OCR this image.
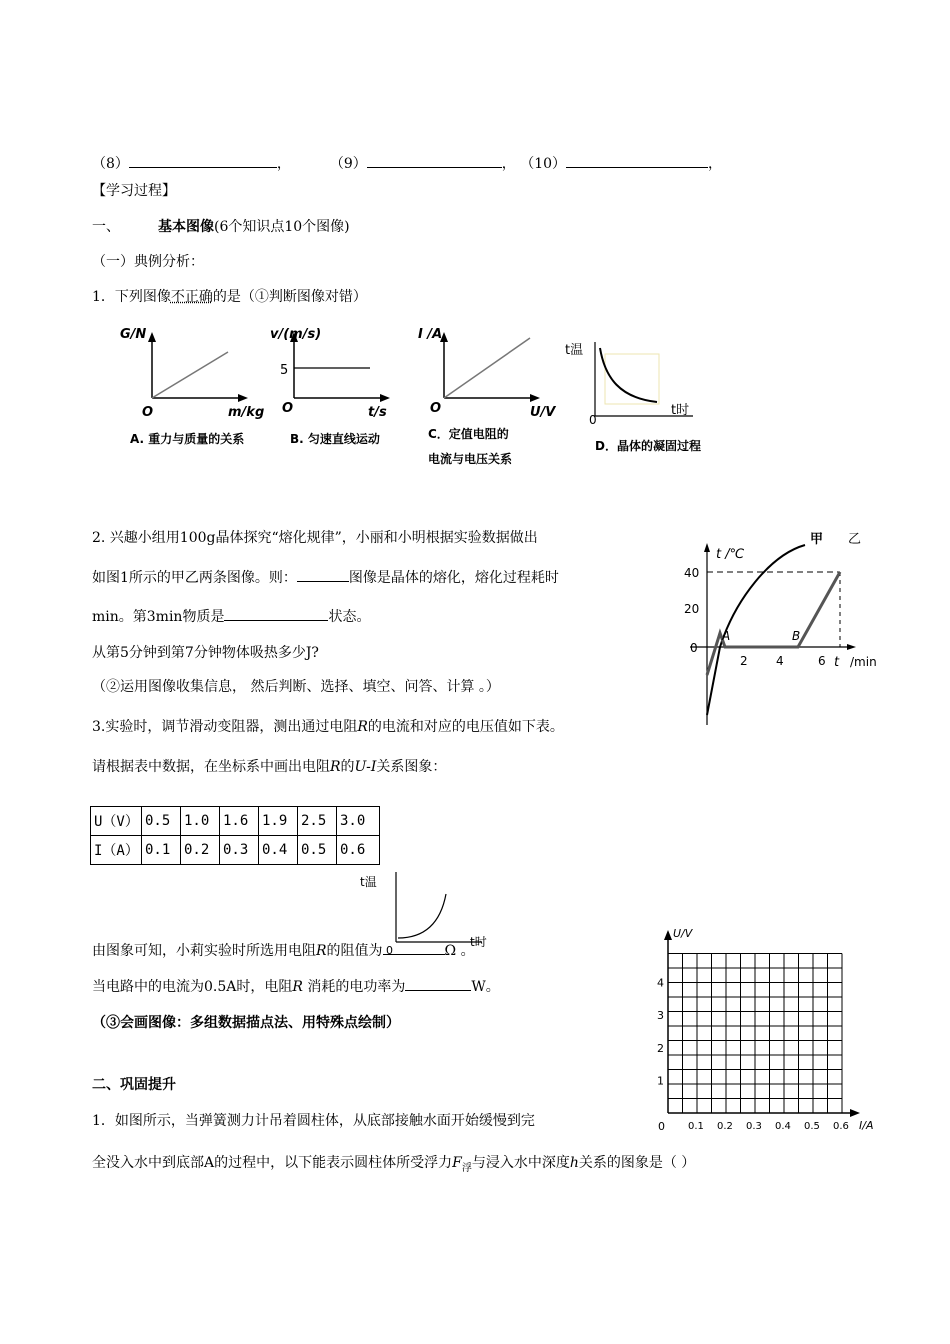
（8）	，	（9）	， （10）	，
【学习过程】
一、	基本图像(6个知识点10个图像)
（一）典例分析：
1．下列图像不正确的是（①判断图像对错）
G/N
O	m/kg
A. 重力与质量的关系
v/(m/s)
5
O	t/s
B. 匀速直线运动
I /A
O	U/V
C．定值电阻的
电流与电压关系
t温
0
t时
D．晶体的凝固过程
2. 兴趣小组用100g晶体探究“熔化规律”，小丽和小明根据实验数据做出
如图1所示的甲乙两条图像。则：	图像是晶体的熔化，熔化过程耗时
min。第3min物质是	状态。
从第5分钟到第7分钟物体吸热多少J?
（②运用图像收集信息， 然后判断、选择、填空、问答、计算 。）
t /℃
甲 乙
40
20
0
2 4	6 t /min
A	B
3.实验时，调节滑动变阻器，测出通过电阻R的电流和对应的电压值如下表。
请根据表中数据，在坐标系中画出电阻R的U-I关系图象：
U（V）	0.5	1.0	1.6	1.9	2.5	3.0
I（A）	0.1	0.2	0.3	0.4	0.5	0.6
t温
0
t时
由图象可知，小莉实验时所选用电阻R的阻值为	Ω 。
当电路中的电流为0.5A时，电阻R 消耗的电功率为	W。
（③会画图像：多组数据描点法、用特殊点绘制）
U/V
0	I/A
1
2
3
4
0.1 0.2 0.3 0.4 0.5 0.6
二、巩固提升
1．如图所示，当弹簧测力计吊着圆柱体，从底部接触水面开始缓慢到完
全没入水中到底部A的过程中，以下能表示圆柱体所受浮力$F_浮$与浸入水中深度h关系的图象是（ ）
